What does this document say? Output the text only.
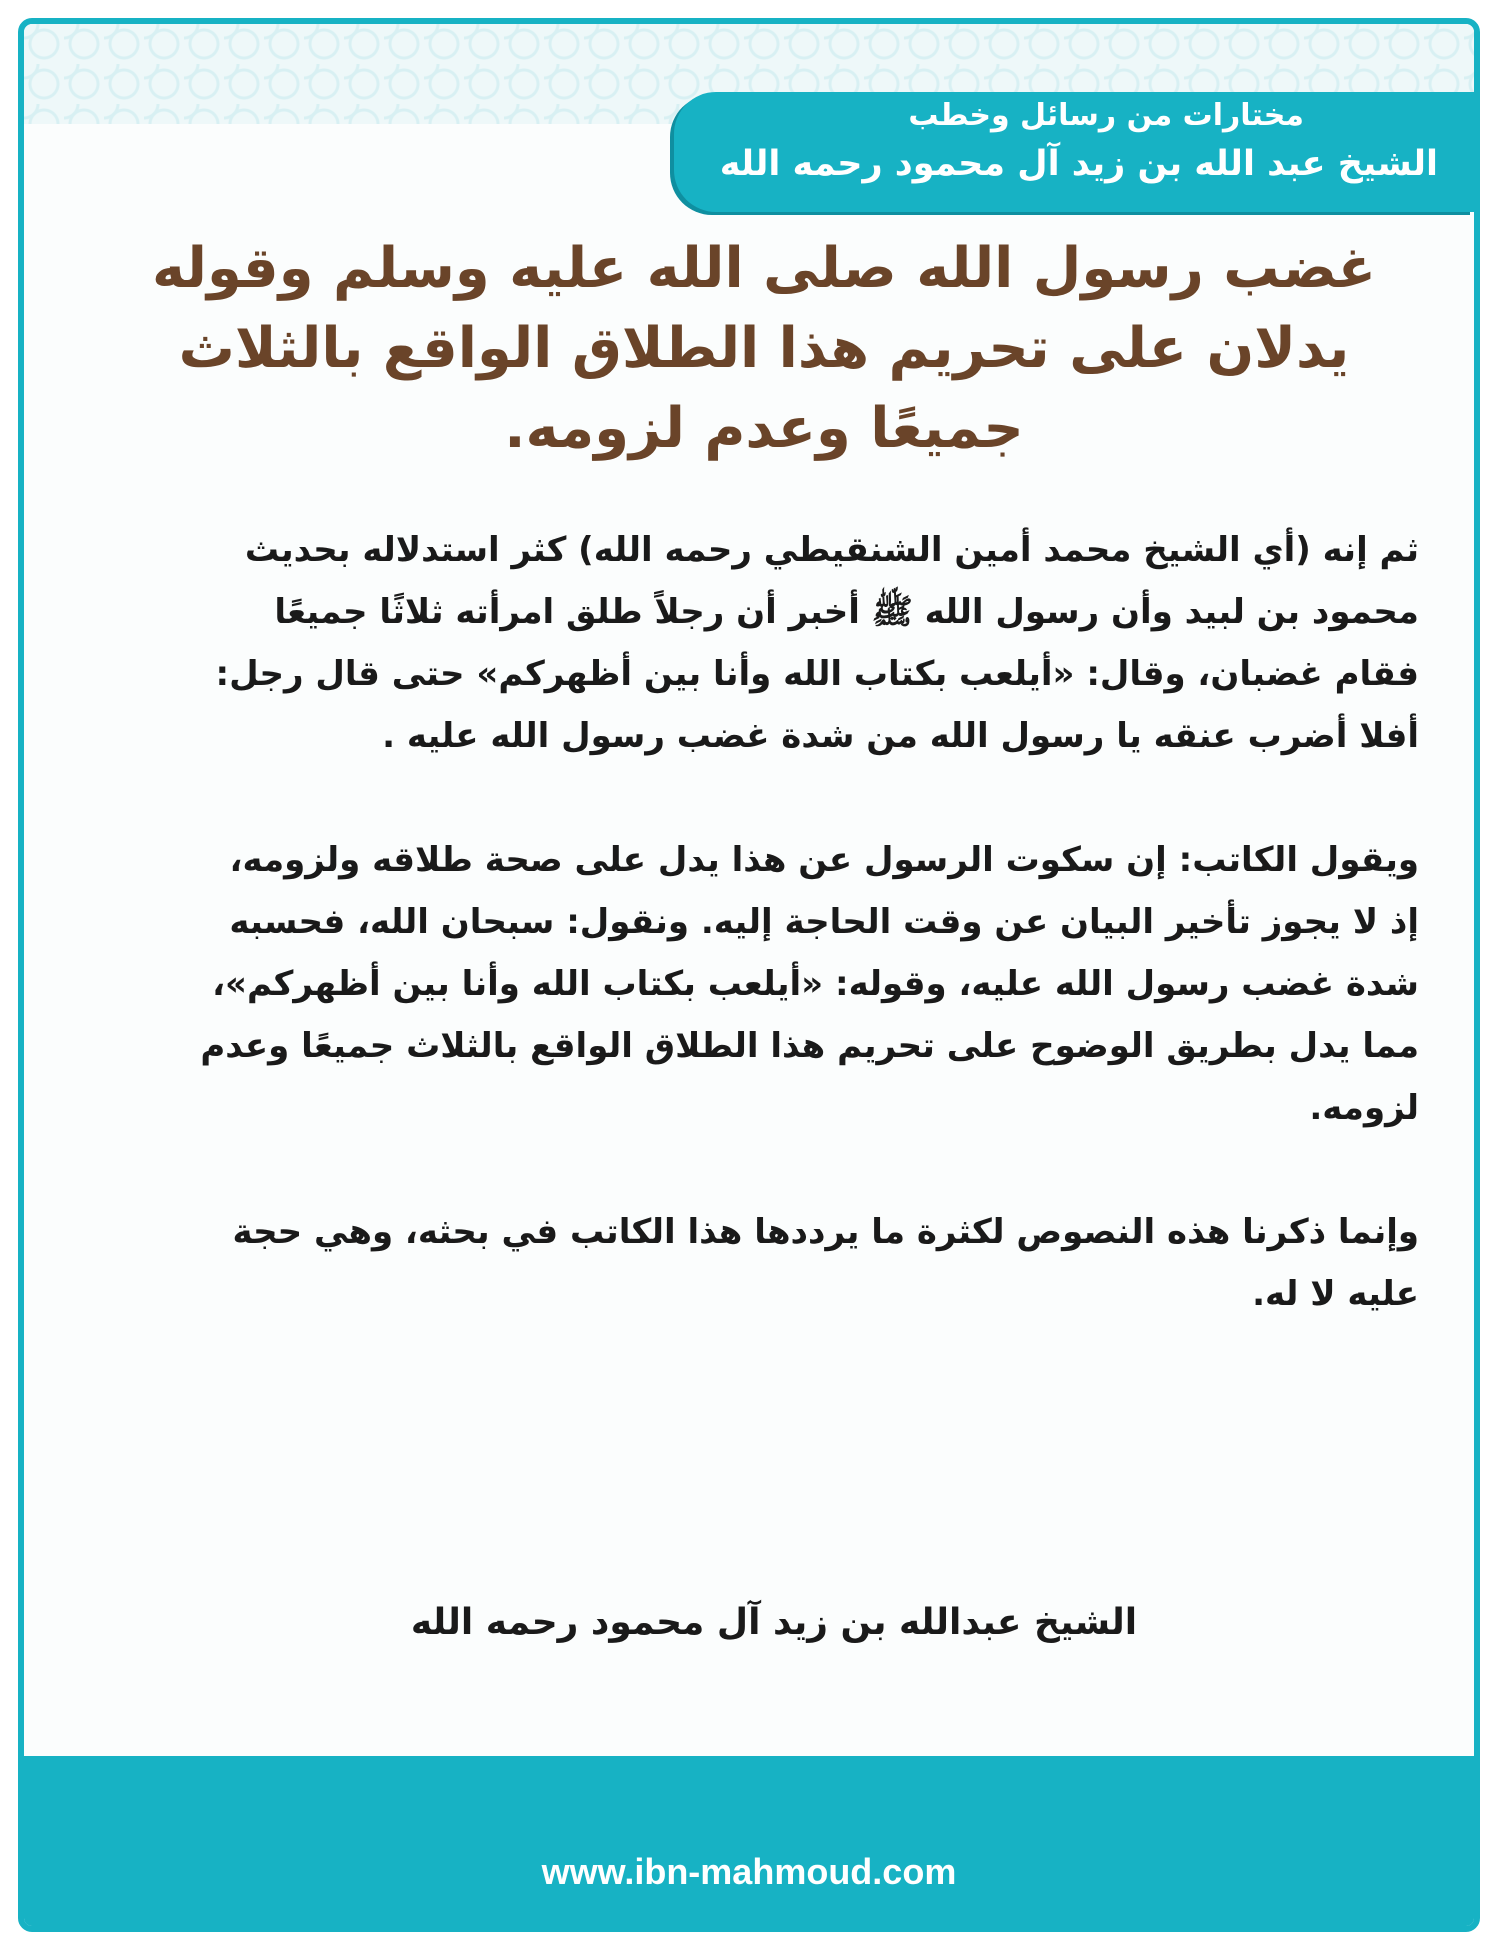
مختارات من رسائل وخطب
الشيخ عبد الله بن زيد آل محمود رحمه الله
غضب رسول الله صلى الله عليه وسلم وقوله يدلان على تحريم هذا الطلاق الواقع بالثلاث جميعًا وعدم لزومه.

ثم إنه (أي الشيخ محمد أمين الشنقيطي رحمه الله) كثر استدلاله بحديث محمود بن لبيد وأن رسول الله ﷺ أخبر أن رجلاً طلق امرأته ثلاثًا جميعًا فقام غضبان، وقال: «أيلعب بكتاب الله وأنا بين أظهركم» حتى قال رجل: أفلا أضرب عنقه يا رسول الله من شدة غضب رسول الله عليه .

ويقول الكاتب: إن سكوت الرسول عن هذا يدل على صحة طلاقه ولزومه، إذ لا يجوز تأخير البيان عن وقت الحاجة إليه. ونقول: سبحان الله، فحسبه شدة غضب رسول الله عليه، وقوله: «أيلعب بكتاب الله وأنا بين أظهركم»، مما يدل بطريق الوضوح على تحريم هذا الطلاق الواقع بالثلاث جميعًا وعدم لزومه.

وإنما ذكرنا هذه النصوص لكثرة ما يرددها هذا الكاتب في بحثه، وهي حجة عليه لا له.

الشيخ عبدالله بن زيد آل محمود رحمه الله
www.ibn-mahmoud.com
